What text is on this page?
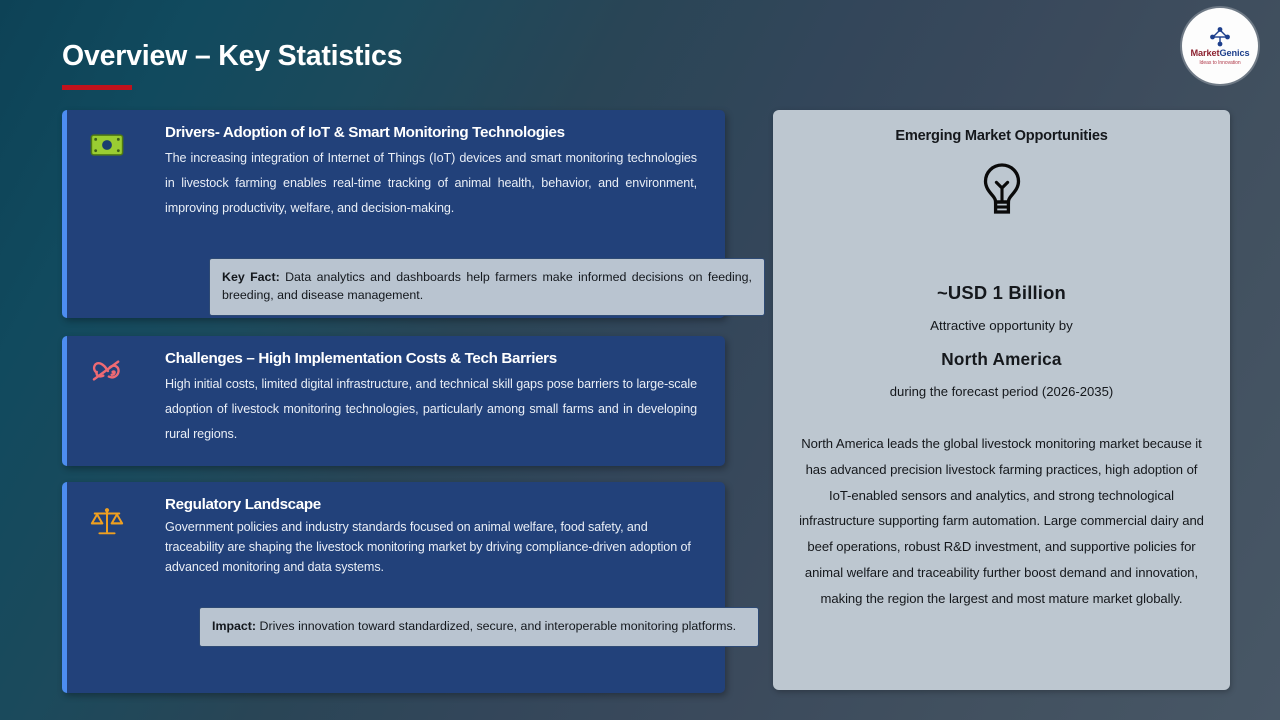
Overview – Key Statistics	MarketGenics
Ideas to Innovation
Drivers- Adoption of IoT & Smart Monitoring Technologies
The increasing integration of Internet of Things (IoT) devices and smart monitoring technologies in livestock farming enables real-time tracking of animal health, behavior, and environment, improving productivity, welfare, and decision-making.
Key Fact: Data analytics and dashboards help farmers make informed decisions on feeding, breeding, and disease management.
Challenges – High Implementation Costs & Tech Barriers
High initial costs, limited digital infrastructure, and technical skill gaps pose barriers to large-scale adoption of livestock monitoring technologies, particularly among small farms and in developing rural regions.
Regulatory Landscape
Government policies and industry standards focused on animal welfare, food safety, and traceability are shaping the livestock monitoring market by driving compliance-driven adoption of advanced monitoring and data systems.
Impact: Drives innovation toward standardized, secure, and interoperable monitoring platforms.
Emerging Market Opportunities
~USD 1 Billion
Attractive opportunity by
North America
during the forecast period (2026-2035)
North America leads the global livestock monitoring market because it has advanced precision livestock farming practices, high adoption of IoT-enabled sensors and analytics, and strong technological infrastructure supporting farm automation. Large commercial dairy and beef operations, robust R&D investment, and supportive policies for animal welfare and traceability further boost demand and innovation, making the region the largest and most mature market globally.
